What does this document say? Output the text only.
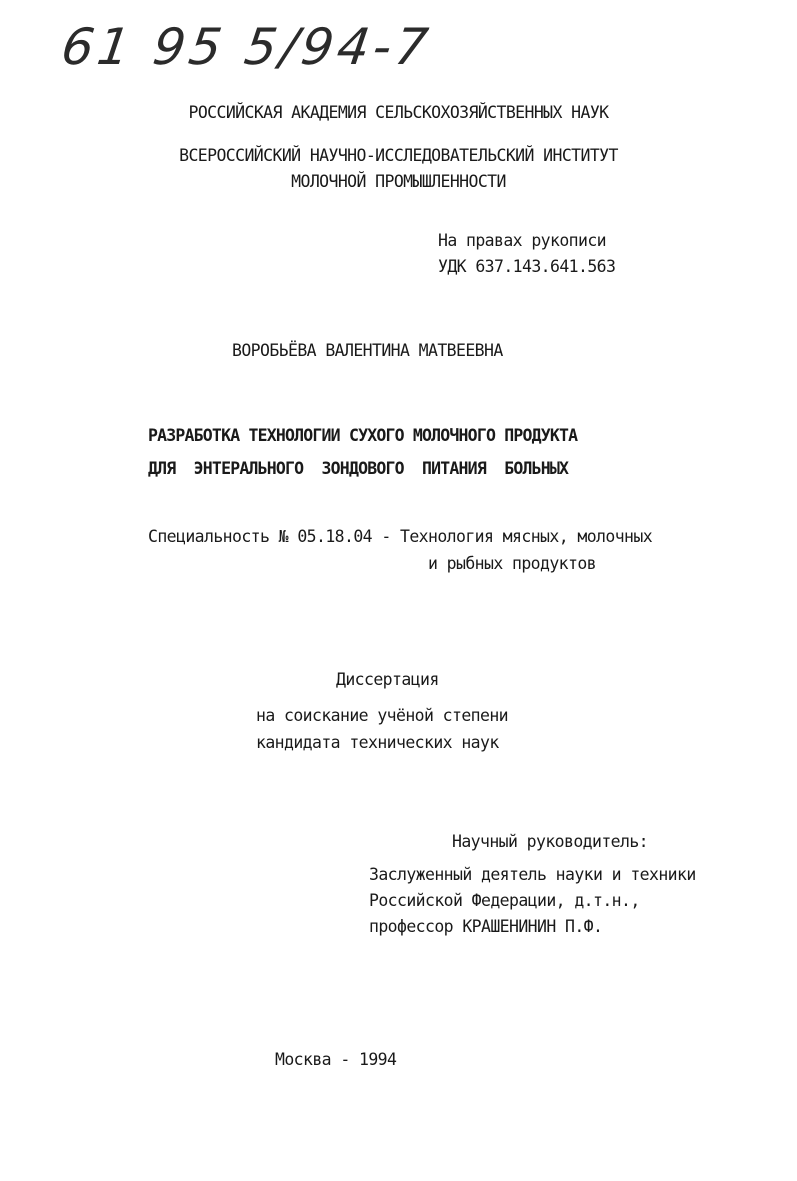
61 95 5/94-7
РОССИЙСКАЯ АКАДЕМИЯ СЕЛЬСКОХОЗЯЙСТВЕННЫХ НАУК
ВСЕРОССИЙСКИЙ НАУЧНО-ИССЛЕДОВАТЕЛЬСКИЙ ИНСТИТУТ
МОЛОЧНОЙ ПРОМЫШЛЕННОСТИ
На правах рукописи
УДК 637.143.641.563
ВОРОБЬЁВА ВАЛЕНТИНА МАТВЕЕВНА
РАЗРАБОТКА ТЕХНОЛОГИИ СУХОГО МОЛОЧНОГО ПРОДУКТА
ДЛЯ  ЭНТЕРАЛЬНОГО  ЗОНДОВОГО  ПИТАНИЯ  БОЛЬНЫХ
Специальность № 05.18.04 - Технология мясных, молочных
и рыбных продуктов
Диссертация
на соискание учёной степени
кандидата технических наук
Научный руководитель:
Заслуженный деятель науки и техники
Российской Федерации, д.т.н.,
профессор КРАШЕНИНИН П.Ф.
Москва - 1994
